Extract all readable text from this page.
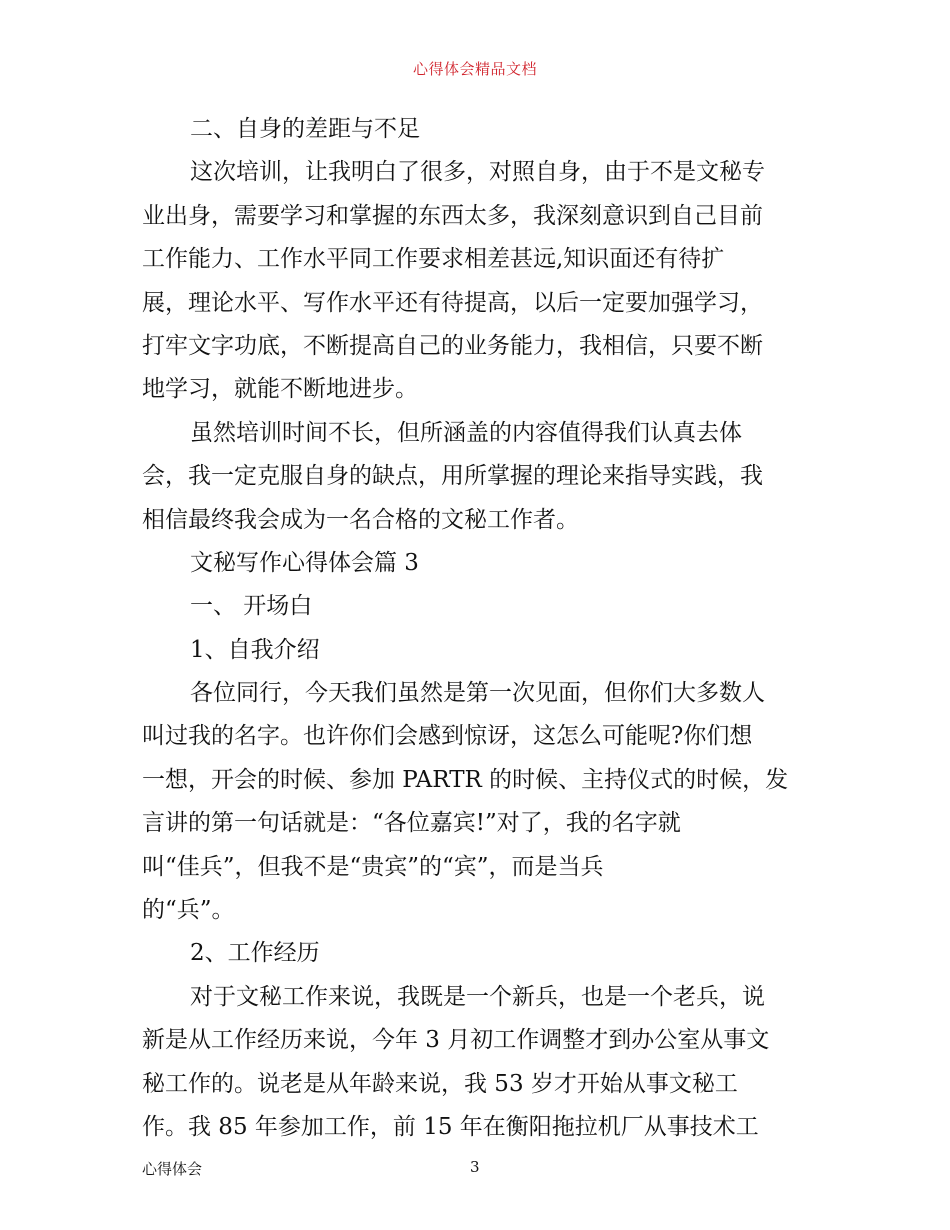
心得体会精品文档
二、自身的差距与不足
这次培训，让我明白了很多，对照自身，由于不是文秘专
业出身，需要学习和掌握的东西太多，我深刻意识到自己目前
工作能力、工作水平同工作要求相差甚远,知识面还有待扩
展，理论水平、写作水平还有待提高，以后一定要加强学习，
打牢文字功底，不断提高自己的业务能力，我相信，只要不断
地学习，就能不断地进步。
虽然培训时间不长，但所涵盖的内容值得我们认真去体
会，我一定克服自身的缺点，用所掌握的理论来指导实践，我
相信最终我会成为一名合格的文秘工作者。
文秘写作心得体会篇 3
一、 开场白
1、自我介绍
各位同行，今天我们虽然是第一次见面，但你们大多数人
叫过我的名字。也许你们会感到惊讶，这怎么可能呢?你们想
一想，开会的时候、参加 PARTR 的时候、主持仪式的时候，发
言讲的第一句话就是：“各位嘉宾!”对了，我的名字就
叫“佳兵”，但我不是“贵宾”的“宾”，而是当兵
的“兵”。
2、工作经历
对于文秘工作来说，我既是一个新兵，也是一个老兵，说
新是从工作经历来说，今年 3 月初工作调整才到办公室从事文
秘工作的。说老是从年龄来说，我 53 岁才开始从事文秘工
作。我 85 年参加工作，前 15 年在衡阳拖拉机厂从事技术工
心得体会	3
